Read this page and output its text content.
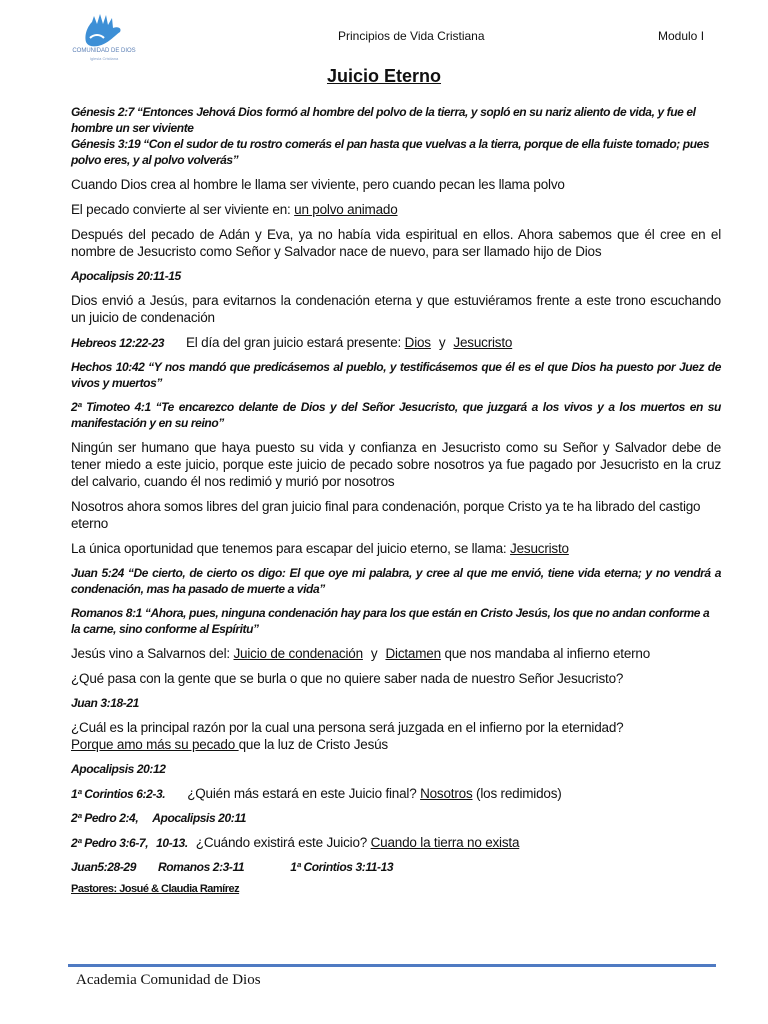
COMUNIDAD DE DIOS
Iglesia Cristiana
Principios de Vida Cristiana	Modulo I
Juicio Eterno
Génesis 2:7 “Entonces Jehová Dios formó al hombre del polvo de la tierra, y sopló en su nariz aliento de vida, y fue el hombre un ser viviente
Génesis 3:19 “Con el sudor de tu rostro comerás el pan hasta que vuelvas a la tierra, porque de ella fuiste tomado; pues polvo eres, y al polvo volverás”
Cuando Dios crea al hombre le llama ser viviente, pero cuando pecan les llama polvo
El pecado convierte al ser viviente en: un polvo animado
Después del pecado de Adán y Eva, ya no había vida espiritual en ellos. Ahora sabemos que él cree en el nombre de Jesucristo como Señor y Salvador nace de nuevo, para ser llamado hijo de Dios
Apocalipsis 20:11-15
Dios envió a Jesús, para evitarnos la condenación eterna y que estuviéramos frente a este trono escuchando un juicio de condenación
Hebreos 12:22-23 El día del gran juicio estará presente: Dios y Jesucristo
Hechos 10:42 “Y nos mandó que predicásemos al pueblo, y testificásemos que él es el que Dios ha puesto por Juez de vivos y muertos”
2ª Timoteo 4:1 “Te encarezco delante de Dios y del Señor Jesucristo, que juzgará a los vivos y a los muertos en su manifestación y en su reino”
Ningún ser humano que haya puesto su vida y confianza en Jesucristo como su Señor y Salvador debe de tener miedo a este juicio, porque este juicio de pecado sobre nosotros ya fue pagado por Jesucristo en la cruz del calvario, cuando él nos redimió y murió por nosotros
Nosotros ahora somos libres del gran juicio final para condenación, porque Cristo ya te ha librado del castigo eterno
La única oportunidad que tenemos para escapar del juicio eterno, se llama: Jesucristo
Juan 5:24 “De cierto, de cierto os digo: El que oye mi palabra, y cree al que me envió, tiene vida eterna; y no vendrá a condenación, mas ha pasado de muerte a vida”
Romanos 8:1 “Ahora, pues, ninguna condenación hay para los que están en Cristo Jesús, los que no andan conforme a la carne, sino conforme al Espíritu”
Jesús vino a Salvarnos del: Juicio de condenación y Dictamen que nos mandaba al infierno eterno
¿Qué pasa con la gente que se burla o que no quiere saber nada de nuestro Señor Jesucristo?
Juan 3:18-21
¿Cuál es la principal razón por la cual una persona será juzgada en el infierno por la eternidad?
Porque amo más su pecado que la luz de Cristo Jesús
Apocalipsis 20:12
1ª Corintios 6:2-3. ¿Quién más estará en este Juicio final? Nosotros (los redimidos)
2ª Pedro 2:4, Apocalipsis 20:11
2ª Pedro 3:6-7, 10-13. ¿Cuándo existirá este Juicio? Cuando la tierra no exista
Juan5:28-29 Romanos 2:3-11	1ª Corintios 3:11-13
Pastores: Josué & Claudia Ramírez
Academia Comunidad de Dios
